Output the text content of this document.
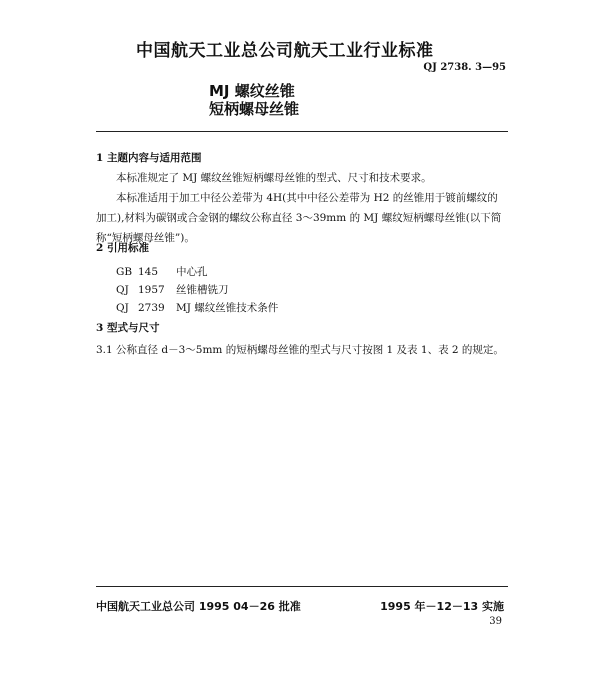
中国航天工业总公司航天工业行业标准
QJ 2738. 3—95
MJ 螺纹丝锥
短柄螺母丝锥
1 主题内容与适用范围
本标准规定了 MJ 螺纹丝锥短柄螺母丝锥的型式、尺寸和技术要求。
本标准适用于加工中径公差带为 4H(其中中径公差带为 H2 的丝锥用于镀前螺纹的加工),材料为碳钢或合金钢的螺纹公称直径 3～39mm 的 MJ 螺纹短柄螺母丝锥(以下简称“短柄螺母丝锥”)。
2 引用标准
GB 145 中心孔
QJ 1957 丝锥槽铣刀
QJ 2739 MJ 螺纹丝锥技术条件
3 型式与尺寸
3.1 公称直径 d－3～5mm 的短柄螺母丝锥的型式与尺寸按图 1 及表 1、表 2 的规定。
中国航天工业总公司 1995 04－26 批准	1995 年－12－13 实施
39
